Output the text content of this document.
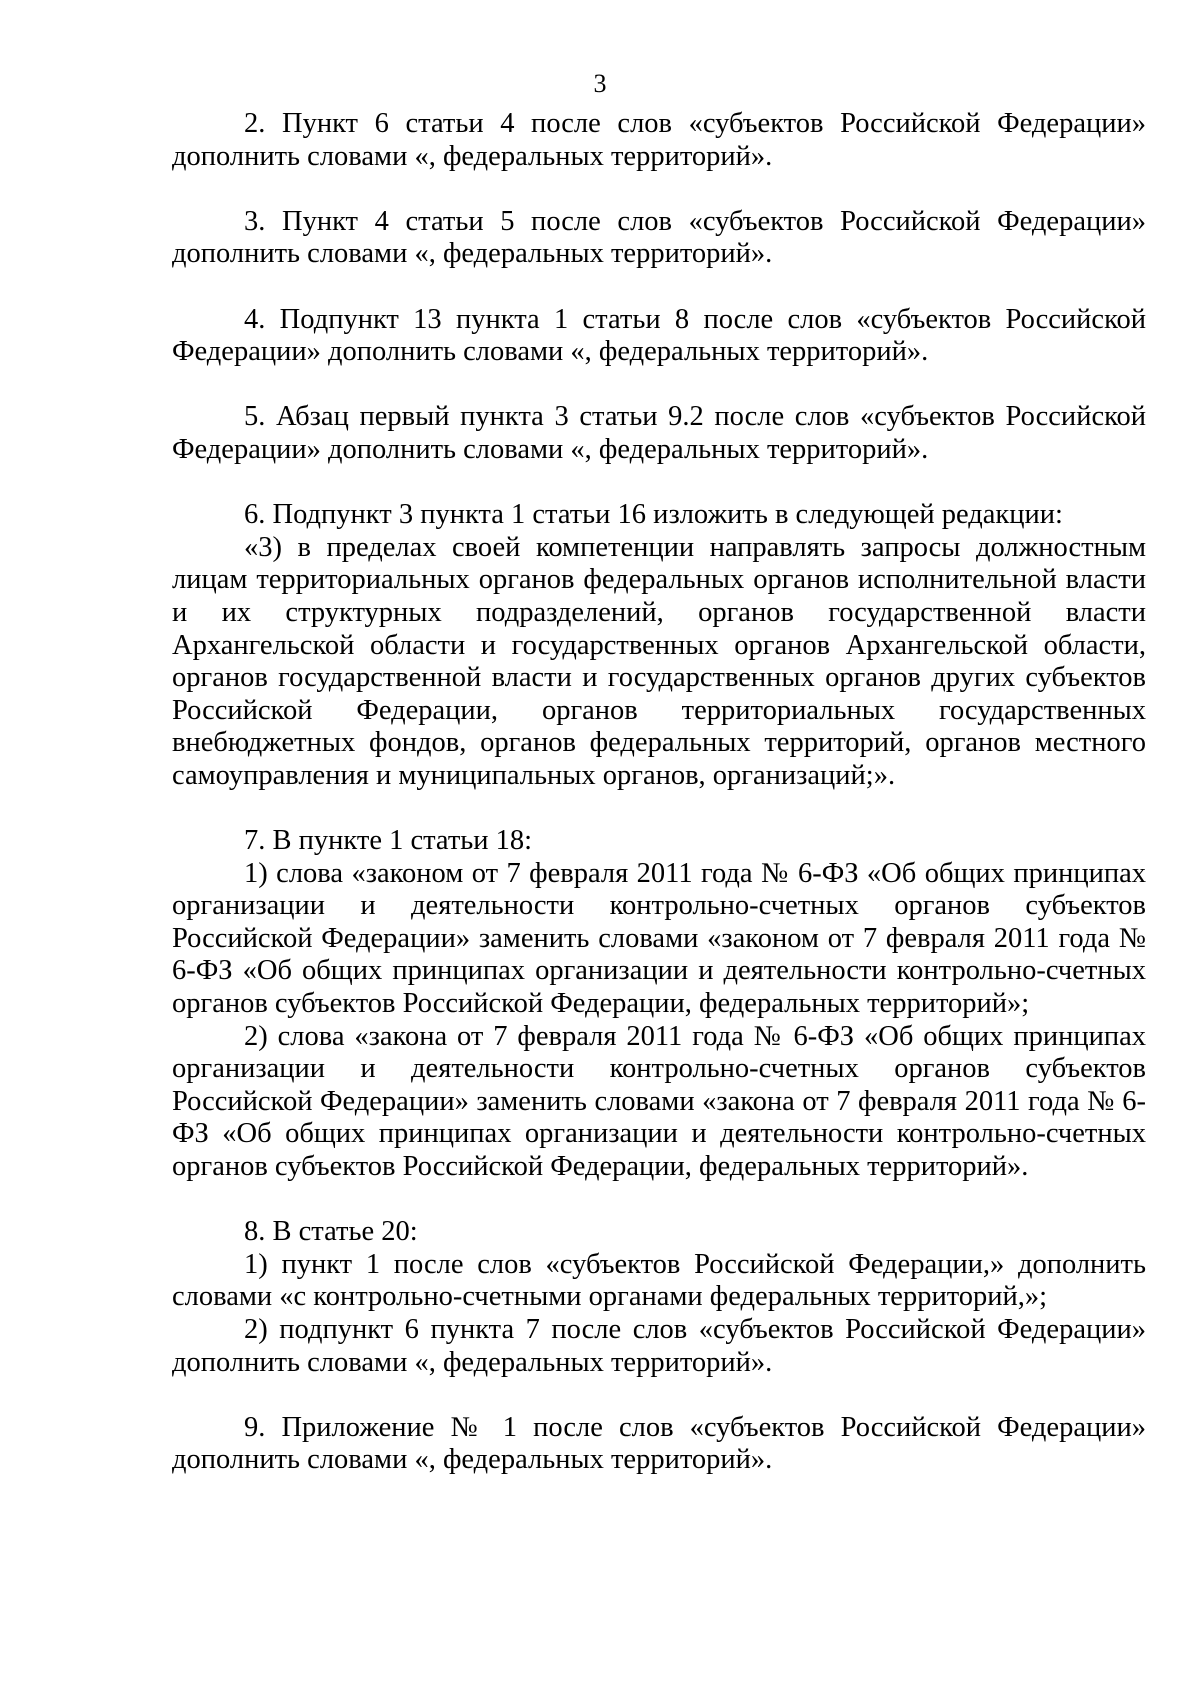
3

2. Пункт 6 статьи 4 после слов «субъектов Российской Федерации» дополнить словами «, федеральных территорий».

3. Пункт 4 статьи 5 после слов «субъектов Российской Федерации» дополнить словами «, федеральных территорий».

4. Подпункт 13 пункта 1 статьи 8 после слов «субъектов Российской Федерации» дополнить словами «, федеральных территорий».

5. Абзац первый пункта 3 статьи 9.2 после слов «субъектов Российской Федерации» дополнить словами «, федеральных территорий».

6. Подпункт 3 пункта 1 статьи 16 изложить в следующей редакции:

«3) в пределах своей компетенции направлять запросы должностным лицам территориальных органов федеральных органов исполнительной власти и их структурных подразделений, органов государственной власти Архангельской области и государственных органов Архангельской области, органов государственной власти и государственных органов других субъектов Российской Федерации, органов территориальных государственных внебюджетных фондов, органов федеральных территорий, органов местного самоуправления и муниципальных органов, организаций;».

7. В пункте 1 статьи 18:

1) слова «законом от 7 февраля 2011 года № 6-ФЗ «Об общих принципах организации и деятельности контрольно-счетных органов субъектов Российской Федерации» заменить словами «законом от 7 февраля 2011 года № 6-ФЗ «Об общих принципах организации и деятельности контрольно-счетных органов субъектов Российской Федерации, федеральных территорий»;

2) слова «закона от 7 февраля 2011 года № 6-ФЗ «Об общих принципах организации и деятельности контрольно-счетных органов субъектов Российской Федерации» заменить словами «закона от 7 февраля 2011 года № 6-ФЗ «Об общих принципах организации и деятельности контрольно-счетных органов субъектов Российской Федерации, федеральных территорий».

8. В статье 20:

1) пункт 1 после слов «субъектов Российской Федерации,» дополнить словами «с контрольно-счетными органами федеральных территорий,»;

2) подпункт 6 пункта 7 после слов «субъектов Российской Федерации» дополнить словами «, федеральных территорий».

9. Приложение № 1 после слов «субъектов Российской Федерации» дополнить словами «, федеральных территорий».
